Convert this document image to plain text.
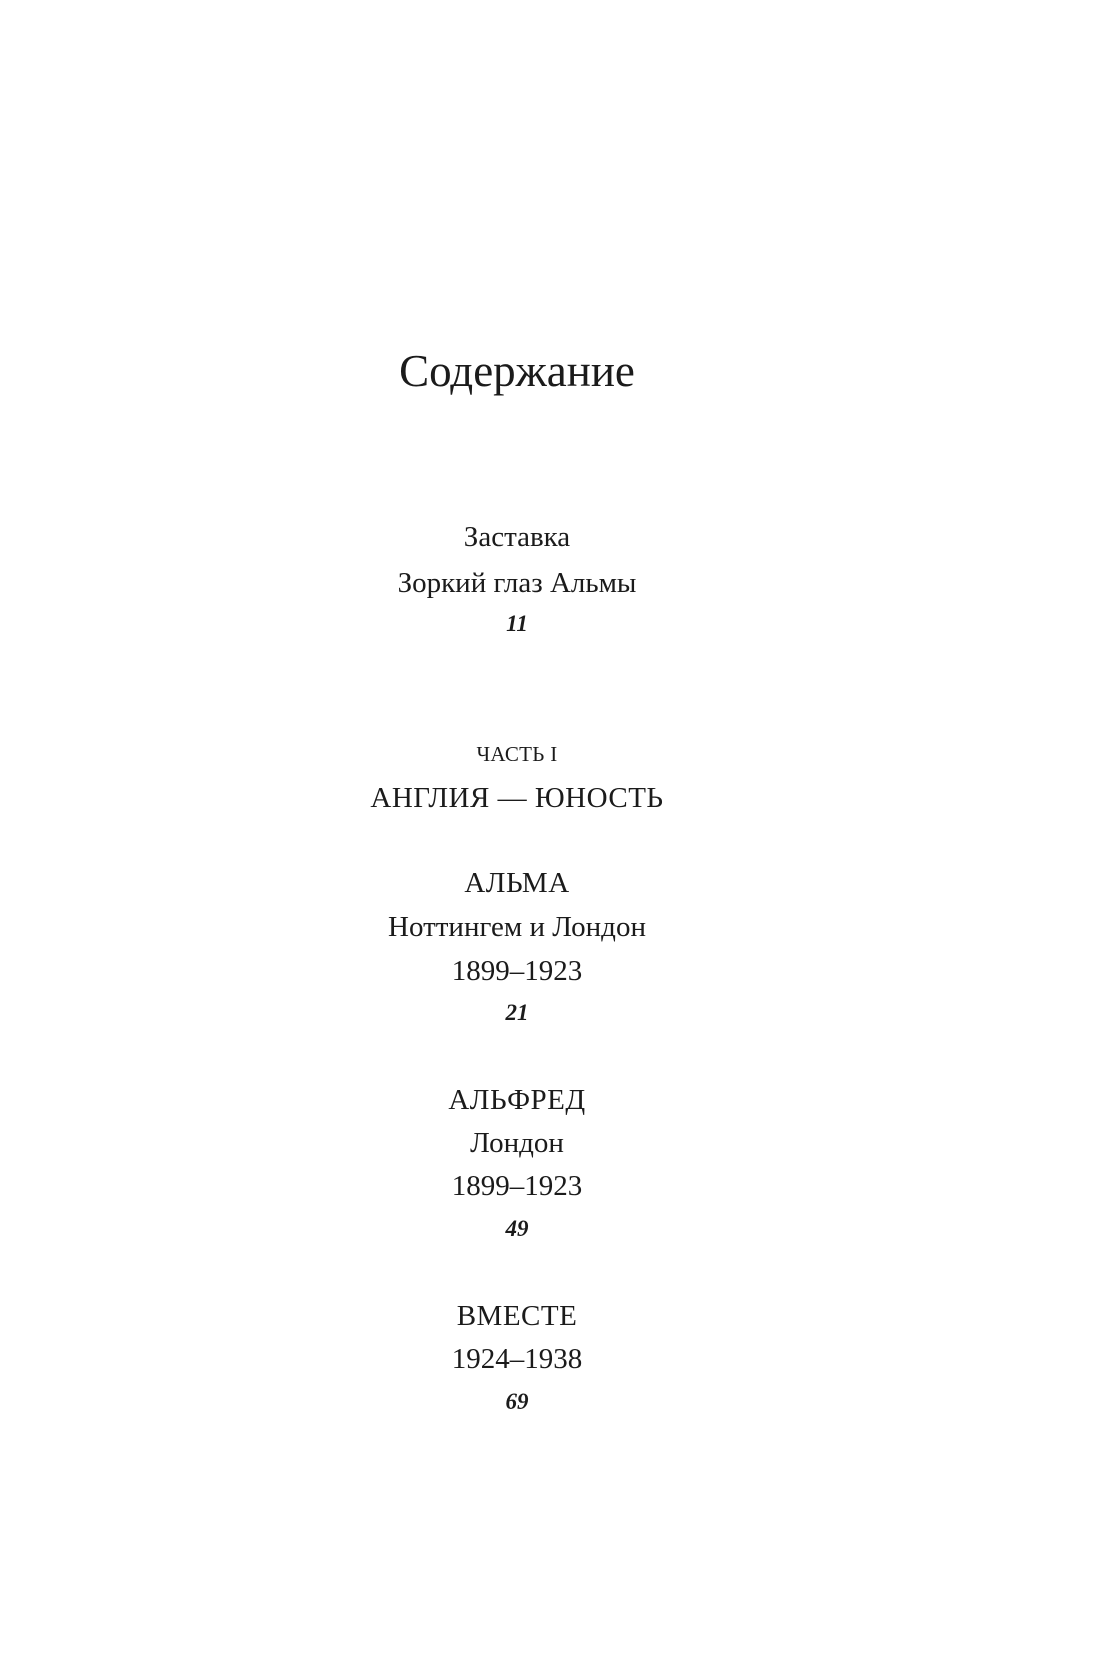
Содержание
Заставка
Зоркий глаз Альмы
11
ЧАСТЬ I
АНГЛИЯ — ЮНОСТЬ
АЛЬМА
Ноттингем и Лондон
1899–1923
21
АЛЬФРЕД
Лондон
1899–1923
49
ВМЕСТЕ
1924–1938
69
